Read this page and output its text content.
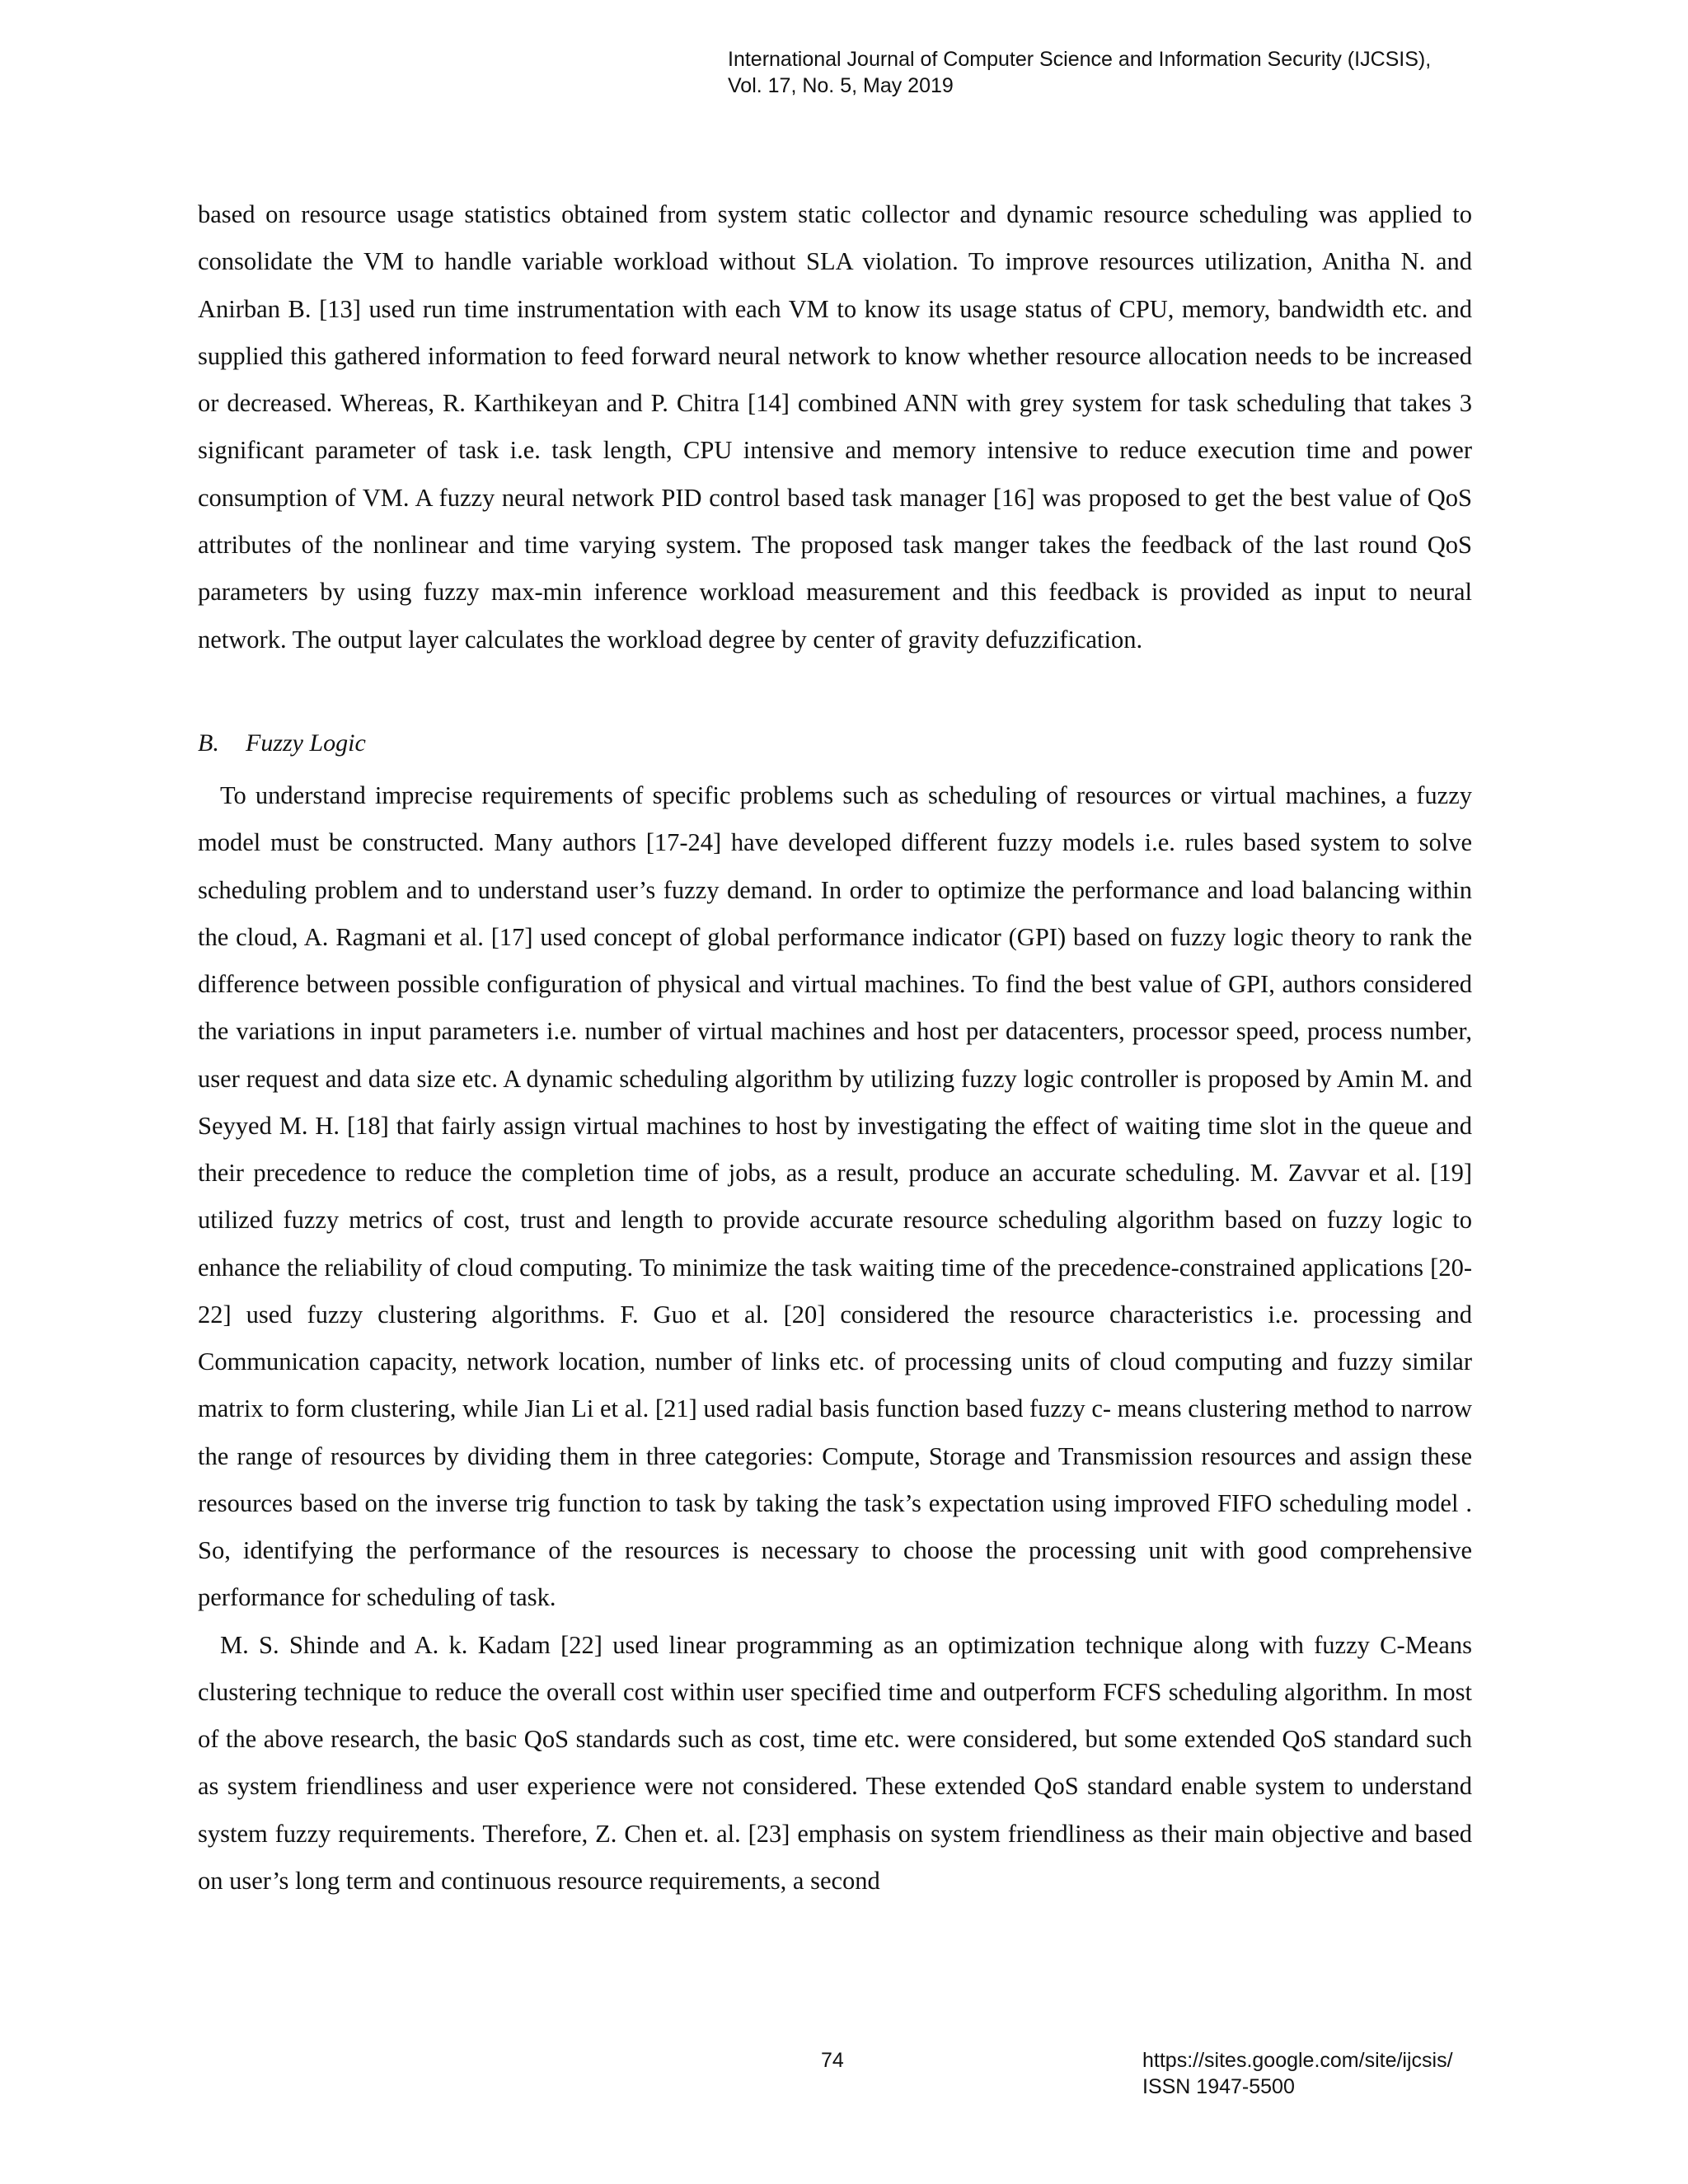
International Journal of Computer Science and Information Security (IJCSIS),
Vol. 17, No. 5, May 2019

based on resource usage statistics obtained from system static collector and dynamic resource scheduling was applied to consolidate the VM to handle variable workload without SLA violation. To improve resources utilization, Anitha N. and Anirban B. [13] used run time instrumentation with each VM to know its usage status of CPU, memory, bandwidth etc. and supplied this gathered information to feed forward neural network to know whether resource allocation needs to be increased or decreased. Whereas, R. Karthikeyan and P. Chitra [14] combined ANN with grey system for task scheduling that takes 3 significant parameter of task i.e. task length, CPU intensive and memory intensive to reduce execution time and power consumption of VM. A fuzzy neural network PID control based task manager [16] was proposed to get the best value of QoS attributes of the nonlinear and time varying system. The proposed task manger takes the feedback of the last round QoS parameters by using fuzzy max-min inference workload measurement and this feedback is provided as input to neural network. The output layer calculates the workload degree by center of gravity defuzzification.

B. Fuzzy Logic

To understand imprecise requirements of specific problems such as scheduling of resources or virtual machines, a fuzzy model must be constructed. Many authors [17-24] have developed different fuzzy models i.e. rules based system to solve scheduling problem and to understand user’s fuzzy demand. In order to optimize the performance and load balancing within the cloud, A. Ragmani et al. [17] used concept of global performance indicator (GPI) based on fuzzy logic theory to rank the difference between possible configuration of physical and virtual machines. To find the best value of GPI, authors considered the variations in input parameters i.e. number of virtual machines and host per datacenters, processor speed, process number, user request and data size etc. A dynamic scheduling algorithm by utilizing fuzzy logic controller is proposed by Amin M. and Seyyed M. H. [18] that fairly assign virtual machines to host by investigating the effect of waiting time slot in the queue and their precedence to reduce the completion time of jobs, as a result, produce an accurate scheduling. M. Zavvar et al. [19] utilized fuzzy metrics of cost, trust and length to provide accurate resource scheduling algorithm based on fuzzy logic to enhance the reliability of cloud computing. To minimize the task waiting time of the precedence-constrained applications [20-22] used fuzzy clustering algorithms. F. Guo et al. [20] considered the resource characteristics i.e. processing and Communication capacity, network location, number of links etc. of processing units of cloud computing and fuzzy similar matrix to form clustering, while Jian Li et al. [21] used radial basis function based fuzzy c- means clustering method to narrow the range of resources by dividing them in three categories: Compute, Storage and Transmission resources and assign these resources based on the inverse trig function to task by taking the task’s expectation using improved FIFO scheduling model . So, identifying the performance of the resources is necessary to choose the processing unit with good comprehensive performance for scheduling of task.

M. S. Shinde and A. k. Kadam [22] used linear programming as an optimization technique along with fuzzy C-Means clustering technique to reduce the overall cost within user specified time and outperform FCFS scheduling algorithm. In most of the above research, the basic QoS standards such as cost, time etc. were considered, but some extended QoS standard such as system friendliness and user experience were not considered. These extended QoS standard enable system to understand system fuzzy requirements. Therefore, Z. Chen et. al. [23] emphasis on system friendliness as their main objective and based on user’s long term and continuous resource requirements, a second

74	https://sites.google.com/site/ijcsis/
ISSN 1947-5500
